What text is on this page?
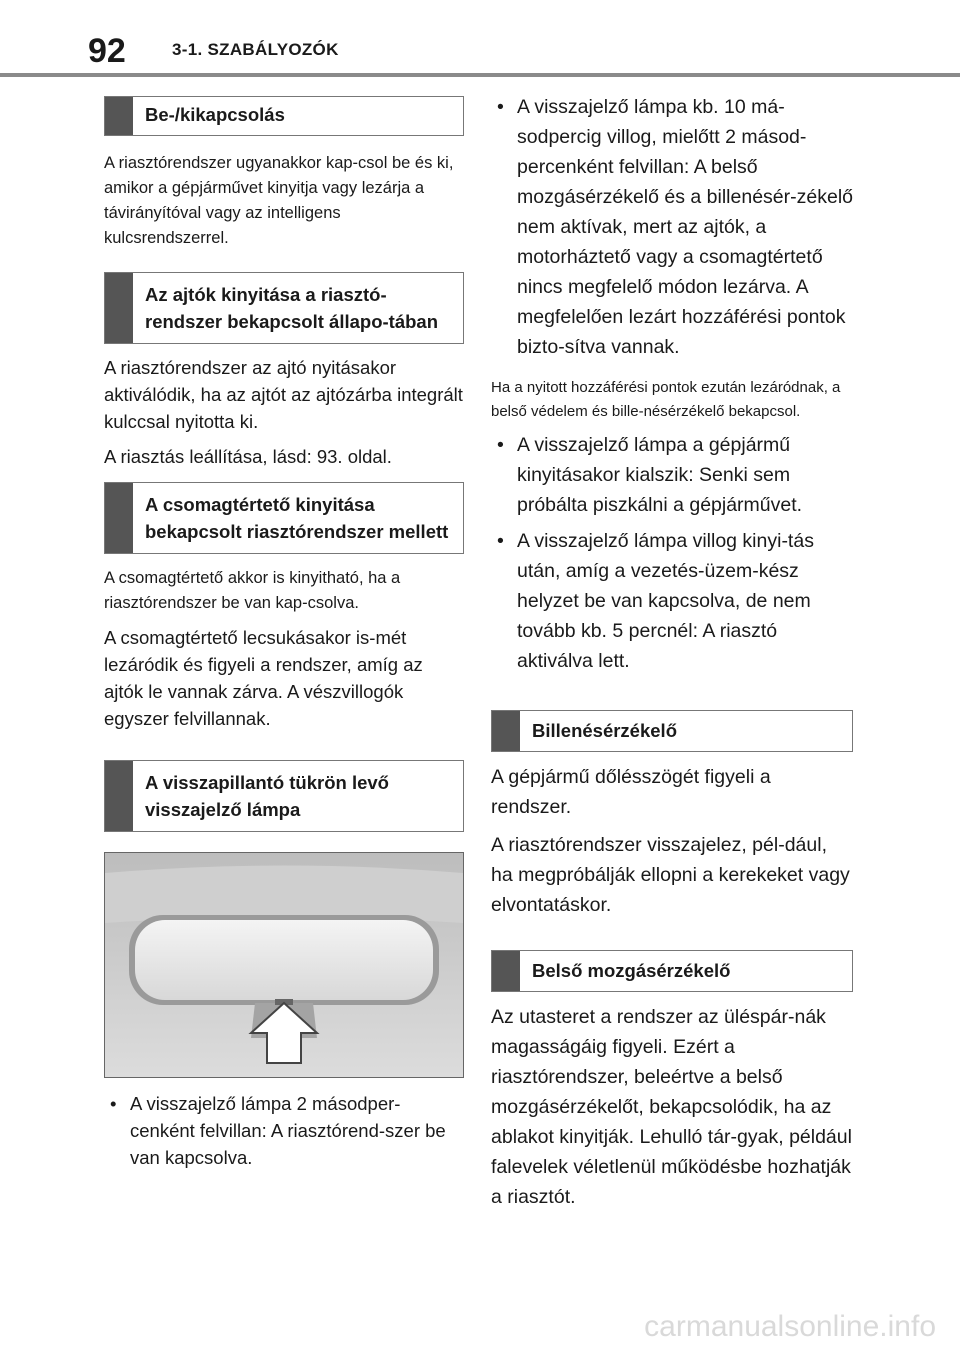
92	3-1. SZABÁLYOZÓK
Be-/kikapcsolás

A riasztórendszer ugyanakkor kap-csol be és ki, amikor a gépjárművet kinyitja vagy lezárja a távirányítóval vagy az intelligens kulcsrendszerrel.

Az ajtók kinyitása a riasztó-rendszer bekapcsolt állapo-tában

A riasztórendszer az ajtó nyitásakor aktiválódik, ha az ajtót az ajtózárba integrált kulccsal nyitotta ki.

A riasztás leállítása, lásd: 93. oldal.

A csomagtértető kinyitása bekapcsolt riasztórendszer mellett

A csomagtértető akkor is kinyitható, ha a riasztórendszer be van kap-csolva.

A csomagtértető lecsukásakor is-mét lezáródik és figyeli a rendszer, amíg az ajtók le vannak zárva. A vészvillogók egyszer felvillannak.

A visszapillantó tükrön levő visszajelző lámpa
• A visszajelző lámpa 2 másodper-cenként felvillan: A riasztórend-szer be van kapcsolva.
• A visszajelző lámpa kb. 10 má-sodpercig villog, mielőtt 2 másod-percenként felvillan: A belső mozgásérzékelő és a billenésér-zékelő nem aktívak, mert az ajtók, a motorháztető vagy a csomagtértető nincs megfelelő módon lezárva. A megfelelően lezárt hozzáférési pontok bizto-sítva vannak.

Ha a nyitott hozzáférési pontok ezután lezáródnak, a belső védelem és bille-nésérzékelő bekapcsol.

• A visszajelző lámpa a gépjármű kinyitásakor kialszik: Senki sem próbálta piszkálni a gépjárművet.
• A visszajelző lámpa villog kinyi-tás után, amíg a vezetés-üzem-kész helyzet be van kapcsolva, de nem tovább kb. 5 percnél: A riasztó aktiválva lett.
Billenésérzékelő

A gépjármű dőlésszögét figyeli a rendszer.

A riasztórendszer visszajelez, pél-dául, ha megpróbálják ellopni a kerekeket vagy elvontatáskor.

Belső mozgásérzékelő

Az utasteret a rendszer az üléspár-nák magasságáig figyeli. Ezért a riasztórendszer, beleértve a belső mozgásérzékelőt, bekapcsolódik, ha az ablakot kinyitják. Lehulló tár-gyak, például falevelek véletlenül működésbe hozhatják a riasztót.

carmanualsonline.info
